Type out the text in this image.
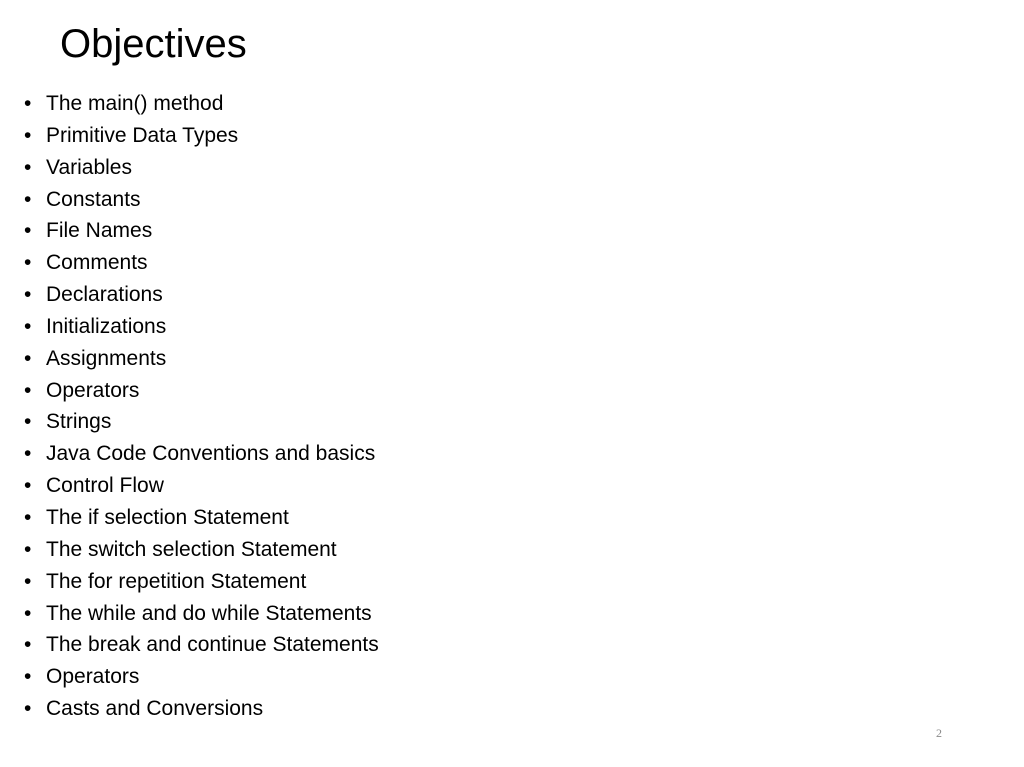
Objectives
• The main() method
• Primitive Data Types
• Variables
• Constants
• File Names
• Comments
• Declarations
• Initializations
• Assignments
• Operators
• Strings
• Java Code Conventions and basics
• Control Flow
• The if selection Statement
• The switch selection Statement
• The for repetition Statement
• The while and do while Statements
• The break and continue Statements
• Operators
• Casts and Conversions
2
